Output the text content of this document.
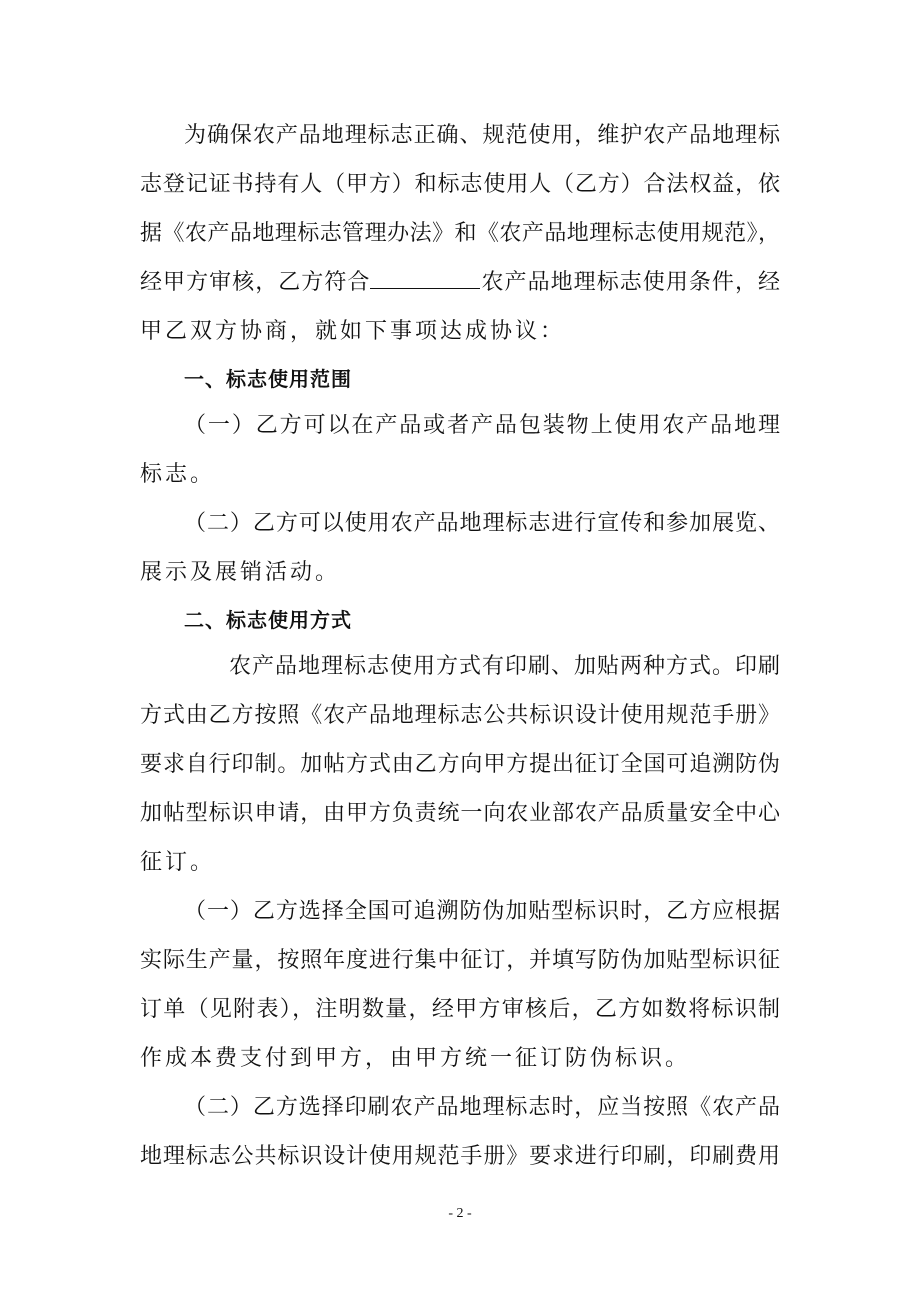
为确保农产品地理标志正确、规范使用，维护农产品地理标
志登记证书持有人（甲方）和标志使用人（乙方）合法权益，依
据《农产品地理标志管理办法》和《农产品地理标志使用规范》，
经甲方审核，乙方符合	农产品地理标志使用条件，经
甲乙双方协商，就如下事项达成协议：
一、标志使用范围
（一）乙方可以在产品或者产品包装物上使用农产品地理
标志。
（二）乙方可以使用农产品地理标志进行宣传和参加展览、
展示及展销活动。
二、标志使用方式
农产品地理标志使用方式有印刷、加贴两种方式。印刷
方式由乙方按照《农产品地理标志公共标识设计使用规范手册》
要求自行印制。加帖方式由乙方向甲方提出征订全国可追溯防伪
加帖型标识申请，由甲方负责统一向农业部农产品质量安全中心
征订。
（一）乙方选择全国可追溯防伪加贴型标识时，乙方应根据
实际生产量，按照年度进行集中征订，并填写防伪加贴型标识征
订单（见附表），注明数量，经甲方审核后，乙方如数将标识制
作成本费支付到甲方，由甲方统一征订防伪标识。
（二）乙方选择印刷农产品地理标志时，应当按照《农产品
地理标志公共标识设计使用规范手册》要求进行印刷，印刷费用
- 2 -
